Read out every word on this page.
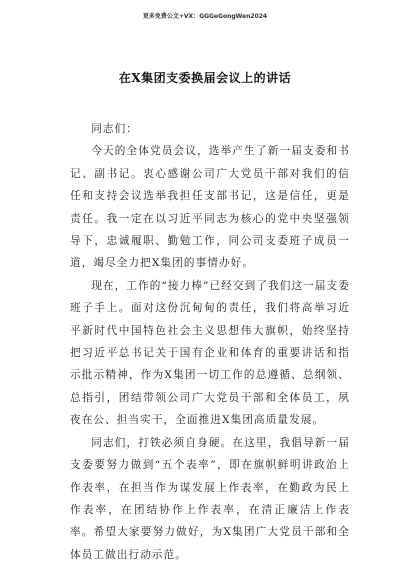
更多免费公文+VX：GGGeGongWen2024
在X集团支委换届会议上的讲话

同志们：

今天的全体党员会议，选举产生了新一届支委和书记、副书记。衷心感谢公司广大党员干部对我们的信任和支持会议选举我担任支部书记，这是信任，更是责任。我一定在以习近平同志为核心的党中央坚强领导下，忠诚履职、勤勉工作，同公司支委班子成员一道，竭尽全力把X集团的事情办好。

现在，工作的“接力棒”已经交到了我们这一届支委班子手上。面对这份沉甸甸的责任，我们将高举习近平新时代中国特色社会主义思想伟大旗帜，始终坚持把习近平总书记关于国有企业和体育的重要讲话和指示批示精神，作为X集团一切工作的总遵循、总纲领、总指引，团结带领公司广大党员干部和全体员工，夙夜在公、担当实干，全面推进X集团高质量发展。

同志们，打铁必须自身硬。在这里，我倡导新一届支委要努力做到“五个表率”，即在旗帜鲜明讲政治上作表率，在担当作为谋发展上作表率，在勤政为民上作表率，在团结协作上作表率，在清正廉洁上作表率。希望大家要努力做好，为X集团广大党员干部和全体员工做出行动示范。
